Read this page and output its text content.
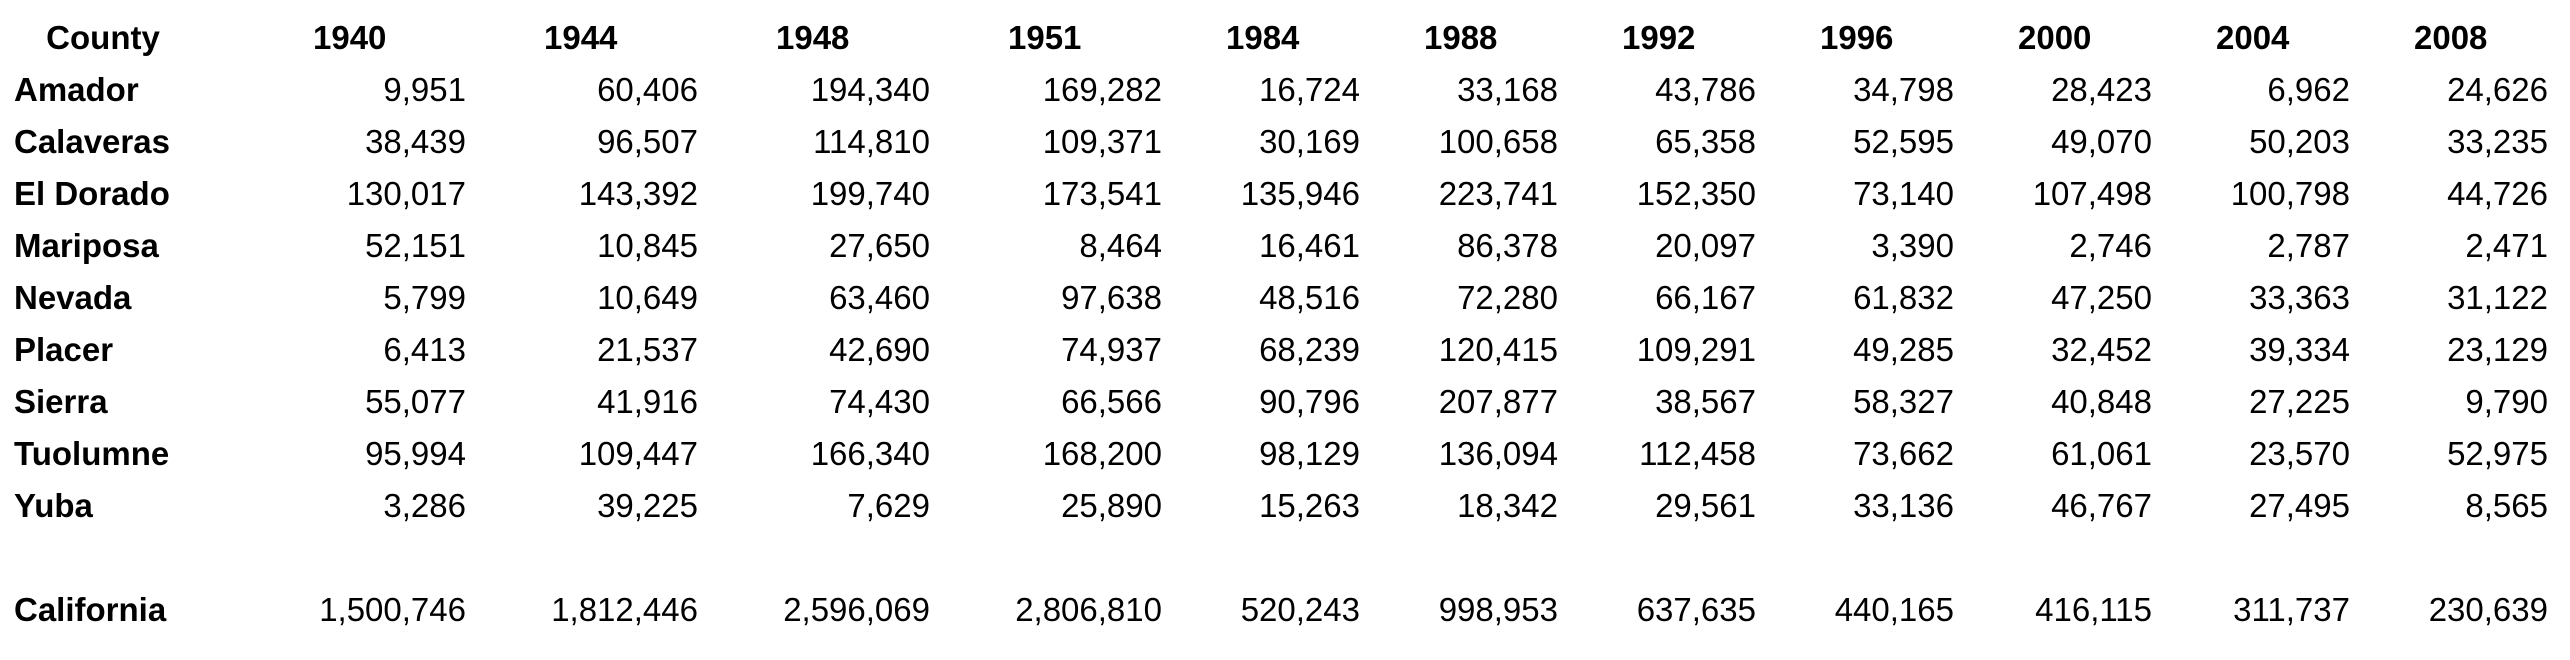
County	1940	1944	1948	1951	1984	1988	1992	1996	2000	2004	2008
Amador	9,951	60,406	194,340	169,282	16,724	33,168	43,786	34,798	28,423	6,962	24,626
Calaveras	38,439	96,507	114,810	109,371	30,169 100,658	65,358	52,595	49,070	50,203	33,235
El Dorado	130,017	143,392	199,740	173,541 135,946 223,741 152,350	73,140 107,498 100,798	44,726
Mariposa	52,151	10,845	27,650	8,464	16,461	86,378	20,097	3,390	2,746	2,787	2,471
Nevada	5,799	10,649	63,460	97,638	48,516	72,280	66,167	61,832	47,250	33,363	31,122
Placer	6,413	21,537	42,690	74,937	68,239 120,415 109,291	49,285	32,452	39,334	23,129
Sierra	55,077	41,916	74,430	66,566	90,796 207,877	38,567	58,327	40,848	27,225	9,790
Tuolumne	95,994	109,447	166,340	168,200	98,129 136,094 112,458	73,662	61,061	23,570	52,975
Yuba	3,286	39,225	7,629	25,890	15,263	18,342	29,561	33,136	46,767	27,495	8,565
California	1,500,746	1,812,446	2,596,069	2,806,810 520,243 998,953 637,635 440,165 416,115 311,737 230,639
